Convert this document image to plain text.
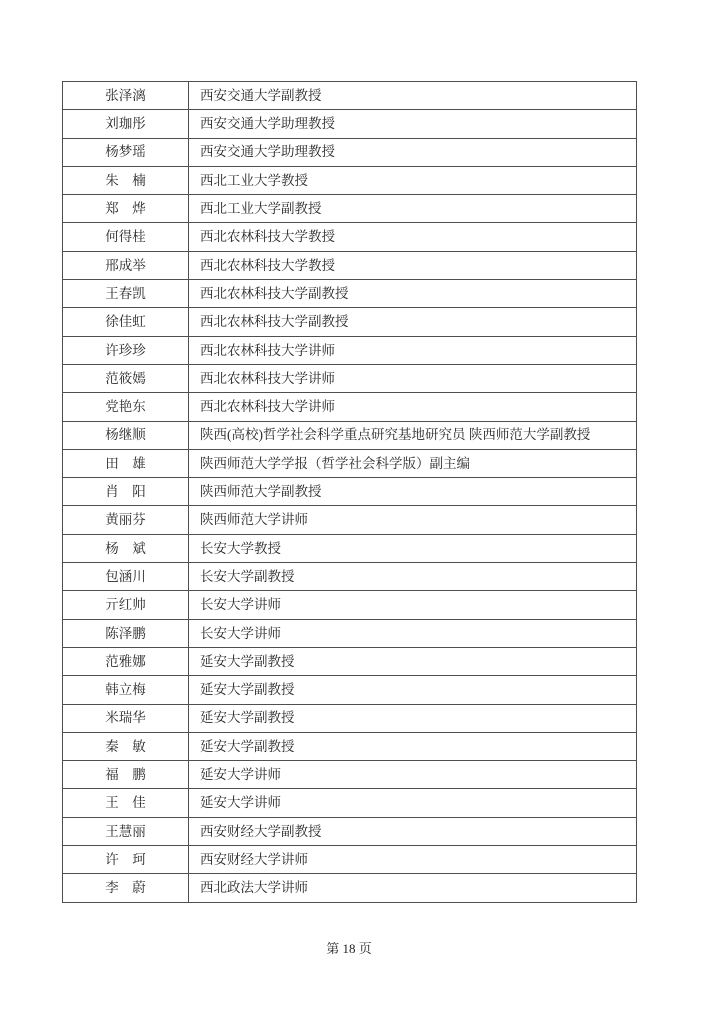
张泽漓	西安交通大学副教授
刘珈彤	西安交通大学助理教授
杨梦瑶	西安交通大学助理教授
朱　楠	西北工业大学教授
郑　烨	西北工业大学副教授
何得桂	西北农林科技大学教授
邢成举	西北农林科技大学教授
王春凯	西北农林科技大学副教授
徐佳虹	西北农林科技大学副教授
许珍珍	西北农林科技大学讲师
范筱嫣	西北农林科技大学讲师
党艳东	西北农林科技大学讲师
杨继顺	陕西(高校)哲学社会科学重点研究基地研究员 陕西师范大学副教授
田　雄	陕西师范大学学报（哲学社会科学版）副主编
肖　阳	陕西师范大学副教授
黄丽芬	陕西师范大学讲师
杨　斌	长安大学教授
包涵川	长安大学副教授
亓红帅	长安大学讲师
陈泽鹏	长安大学讲师
范雅娜	延安大学副教授
韩立梅	延安大学副教授
米瑞华	延安大学副教授
秦　敏	延安大学副教授
福　鹏	延安大学讲师
王　佳	延安大学讲师
王慧丽	西安财经大学副教授
许　珂	西安财经大学讲师
李　蔚	西北政法大学讲师
第 18 页
